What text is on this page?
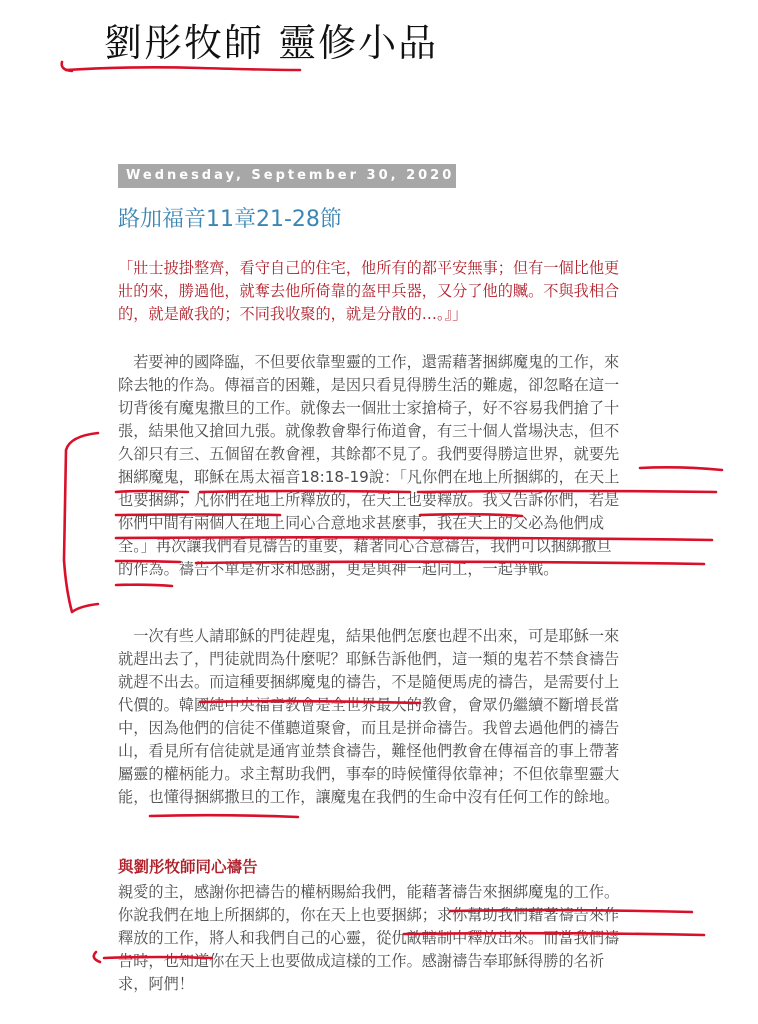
劉彤牧師 靈修小品
Wednesday, September 30, 2020
路加福音11章21-28節
「壯士披掛整齊，看守自己的住宅，他所有的都平安無事；但有一個比他更
壯的來，勝過他，就奪去他所倚靠的盔甲兵器，又分了他的贓。不與我相合
的，就是敵我的；不同我收聚的，就是分散的…。』」
　若要神的國降臨，不但要依靠聖靈的工作，還需藉著捆綁魔鬼的工作，來
除去牠的作為。傳福音的困難，是因只看見得勝生活的難處，卻忽略在這一
切背後有魔鬼撒旦的工作。就像去一個壯士家搶椅子，好不容易我們搶了十
張，結果他又搶回九張。就像教會舉行佈道會，有三十個人當場決志，但不
久卻只有三、五個留在教會裡，其餘都不見了。我們要得勝這世界，就要先
捆綁魔鬼，耶穌在馬太福音18:18-19說：「凡你們在地上所捆綁的，在天上
也要捆綁；凡你們在地上所釋放的，在天上也要釋放。我又告訴你們，若是
你們中間有兩個人在地上同心合意地求甚麼事，我在天上的父必為他們成
全。」再次讓我們看見禱告的重要，藉著同心合意禱告，我們可以捆綁撒旦
的作為。禱告不單是祈求和感謝，更是與神一起同工，一起爭戰。
　一次有些人請耶穌的門徒趕鬼，結果他們怎麼也趕不出來，可是耶穌一來
就趕出去了，門徒就問為什麼呢？耶穌告訴他們，這一類的鬼若不禁食禱告
就趕不出去。而這種要捆綁魔鬼的禱告，不是隨便馬虎的禱告，是需要付上
代價的。韓國純中央福音教會是全世界最大的教會，會眾仍繼續不斷增長當
中，因為他們的信徒不僅聽道聚會，而且是拼命禱告。我曾去過他們的禱告
山，看見所有信徒就是通宵並禁食禱告，難怪他們教會在傳福音的事上帶著
屬靈的權柄能力。求主幫助我們，事奉的時候懂得依靠神；不但依靠聖靈大
能，也懂得捆綁撒旦的工作，讓魔鬼在我們的生命中沒有任何工作的餘地。
與劉彤牧師同心禱告
親愛的主，感謝你把禱告的權柄賜給我們，能藉著禱告來捆綁魔鬼的工作。
你說我們在地上所捆綁的，你在天上也要捆綁；求你幫助我們藉著禱告來作
釋放的工作，將人和我們自己的心靈，從仇敵轄制中釋放出來。而當我們禱
告時，也知道你在天上也要做成這樣的工作。感謝禱告奉耶穌得勝的名祈
求，阿們！
